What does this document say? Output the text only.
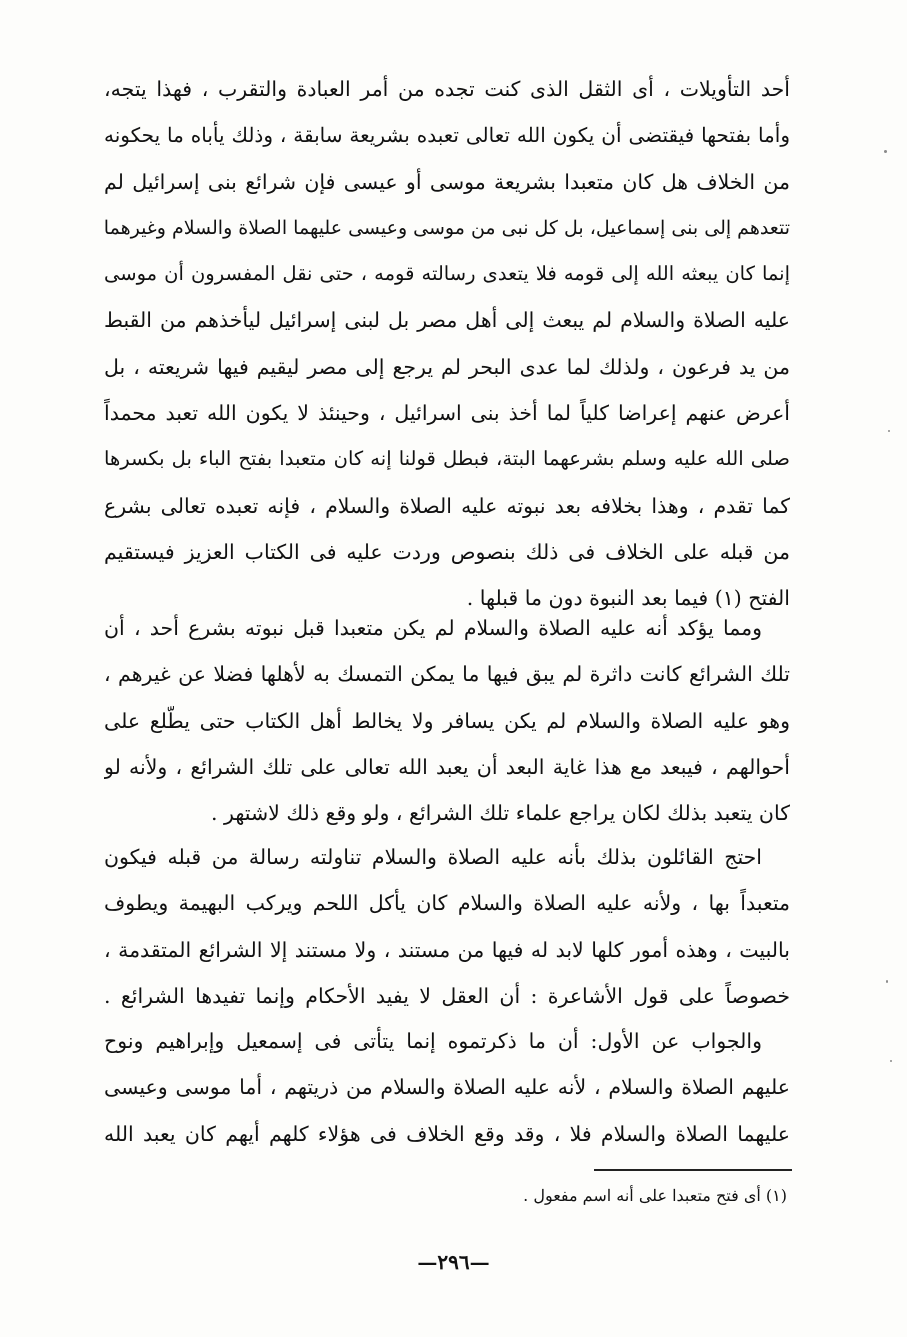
أحد التأويلات ، أى الثقل الذى كنت تجده من أمر العبادة والتقرب ، فهذا يتجه،
وأما بفتحها فيقتضى أن يكون الله تعالى تعبده بشريعة سابقة ، وذلك يأباه ما يحكونه
من الخلاف هل كان متعبدا بشريعة موسى أو عيسى فإن شرائع بنى إسرائيل لم
تتعدهم إلى بنى إسماعيل، بل كل نبى من موسى وعيسى عليهما الصلاة والسلام وغيرهما
إنما كان يبعثه الله إلى قومه فلا يتعدى رسالته قومه ، حتى نقل المفسرون أن موسى
عليه الصلاة والسلام لم يبعث إلى أهل مصر بل لبنى إسرائيل ليأخذهم من القبط
من يد فرعون ، ولذلك لما عدى البحر لم يرجع إلى مصر ليقيم فيها شريعته ، بل
أعرض عنهم إعراضا كلياً لما أخذ بنى اسرائيل ، وحينئذ لا يكون الله تعبد محمداً
صلى الله عليه وسلم بشرعهما البتة، فبطل قولنا إنه كان متعبدا بفتح الباء بل بكسرها
كما تقدم ، وهذا بخلافه بعد نبوته عليه الصلاة والسلام ، فإنه تعبده تعالى بشرع
من قبله على الخلاف فى ذلك بنصوص وردت عليه فى الكتاب العزيز فيستقيم
الفتح (١) فيما بعد النبوة دون ما قبلها .
ومما يؤكد أنه عليه الصلاة والسلام لم يكن متعبدا قبل نبوته بشرع أحد ، أن
تلك الشرائع كانت داثرة لم يبق فيها ما يمكن التمسك به لأهلها فضلا عن غيرهم ،
وهو عليه الصلاة والسلام لم يكن يسافر ولا يخالط أهل الكتاب حتى يطّلع على
أحوالهم ، فيبعد مع هذا غاية البعد أن يعبد الله تعالى على تلك الشرائع ، ولأنه لو
كان يتعبد بذلك لكان يراجع علماء تلك الشرائع ، ولو وقع ذلك لاشتهر .
احتج القائلون بذلك بأنه عليه الصلاة والسلام تناولته رسالة من قبله فيكون
متعبداً بها ، ولأنه عليه الصلاة والسلام كان يأكل اللحم ويركب البهيمة ويطوف
بالبيت ، وهذه أمور كلها لابد له فيها من مستند ، ولا مستند إلا الشرائع المتقدمة ،
خصوصاً على قول الأشاعرة : أن العقل لا يفيد الأحكام وإنما تفيدها الشرائع .
والجواب عن الأول: أن ما ذكرتموه إنما يتأتى فى إسمعيل وإبراهيم ونوح
عليهم الصلاة والسلام ، لأنه عليه الصلاة والسلام من ذريتهم ، أما موسى وعيسى
عليهما الصلاة والسلام فلا ، وقد وقع الخلاف فى هؤلاء كلهم أيهم كان يعبد الله
(١) أى فتح متعبدا على أنه اسم مفعول .
—٢٩٦—
